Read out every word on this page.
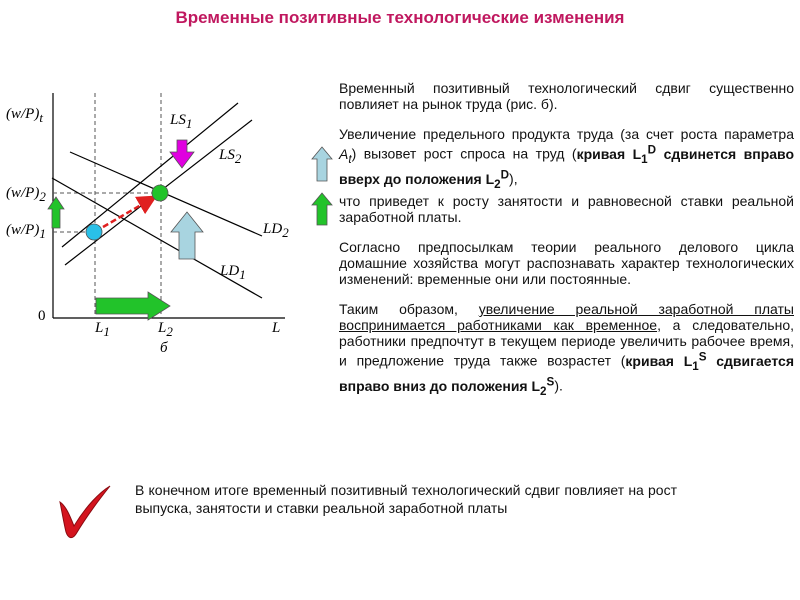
Временные позитивные технологические изменения
(w/P)t
(w/P)2
(w/P)1
0
L
L1	L2
б
LS1
LS2
LD2
LD1

Временный позитивный технологический сдвиг существенно повлияет на рынок труда (рис. б).

Увеличение предельного продукта труда (за счет роста параметра $A_t$) вызовет рост спроса на труд (кривая $L_1^D$ сдвинется вправо вверх до положения $L_2^D$),
что приведет к росту занятости и равновесной ставки реальной заработной платы.

Согласно предпосылкам теории реального делового цикла домашние хозяйства могут распознавать характер технологических изменений: временные они или постоянные.

Таким образом, увеличение реальной заработной платы воспринимается работниками как временное, а следовательно, работники предпочтут в текущем периоде увеличить рабочее время, и предложение труда также возрастет (кривая $L_1^S$ сдвигается вправо вниз до положения $L_2^S$).

В конечном итоге временный позитивный технологический сдвиг повлияет на рост выпуска, занятости и ставки реальной заработной платы
